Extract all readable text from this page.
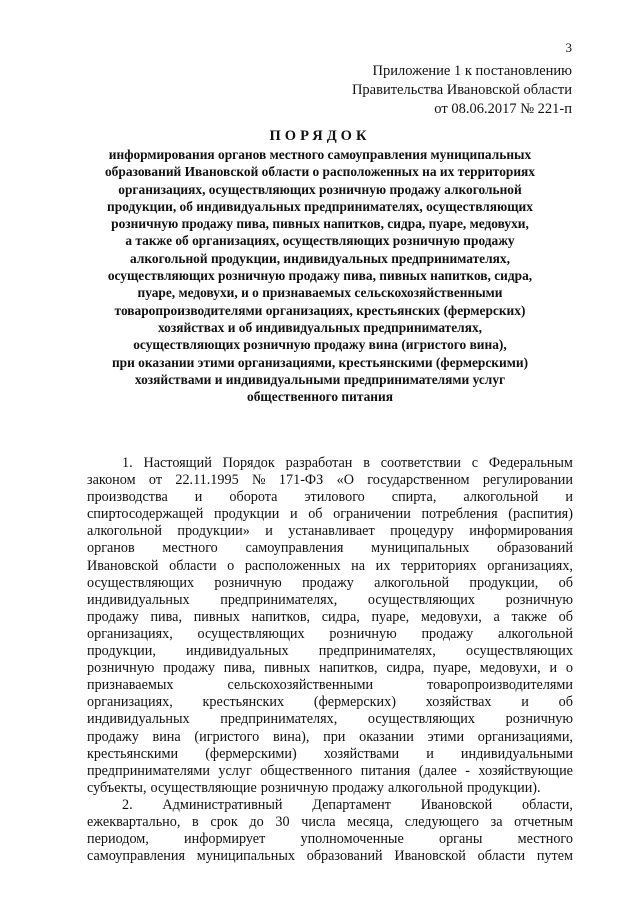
3
Приложение 1 к постановлению
Правительства Ивановской области
от 08.06.2017 № 221-п
ПОРЯДОК
информирования органов местного самоуправления муниципальных
образований Ивановской области о расположенных на их территориях
организациях, осуществляющих розничную продажу алкогольной
продукции, об индивидуальных предпринимателях, осуществляющих
розничную продажу пива, пивных напитков, сидра, пуаре, медовухи,
а также об организациях, осуществляющих розничную продажу
алкогольной продукции, индивидуальных предпринимателях,
осуществляющих розничную продажу пива, пивных напитков, сидра,
пуаре, медовухи, и о признаваемых сельскохозяйственными
товаропроизводителями организациях, крестьянских (фермерских)
хозяйствах и об индивидуальных предпринимателях,
осуществляющих розничную продажу вина (игристого вина),
при оказании этими организациями, крестьянскими (фермерскими)
хозяйствами и индивидуальными предпринимателями услуг
общественного питания
1. Настоящий Порядок разработан в соответствии с Федеральным
законом от 22.11.1995 № 171-ФЗ «О государственном регулировании
производства и оборота этилового спирта, алкогольной и
спиртосодержащей продукции и об ограничении потребления (распития)
алкогольной продукции» и устанавливает процедуру информирования
органов местного самоуправления муниципальных образований
Ивановской области о расположенных на их территориях организациях,
осуществляющих розничную продажу алкогольной продукции, об
индивидуальных предпринимателях, осуществляющих розничную
продажу пива, пивных напитков, сидра, пуаре, медовухи, а также об
организациях, осуществляющих розничную продажу алкогольной
продукции, индивидуальных предпринимателях, осуществляющих
розничную продажу пива, пивных напитков, сидра, пуаре, медовухи, и о
признаваемых	сельскохозяйственными	товаропроизводителями
организациях, крестьянских (фермерских) хозяйствах и об
индивидуальных предпринимателях, осуществляющих розничную
продажу вина (игристого вина), при оказании этими организациями,
крестьянскими (фермерскими) хозяйствами и индивидуальными
предпринимателями услуг общественного питания (далее - хозяйствующие
субъекты, осуществляющие розничную продажу алкогольной продукции).
2. Административный Департамент Ивановской области,
ежеквартально, в срок до 30 числа месяца, следующего за отчетным
периодом, информирует уполномоченные органы местного
самоуправления муниципальных образований Ивановской области путем
